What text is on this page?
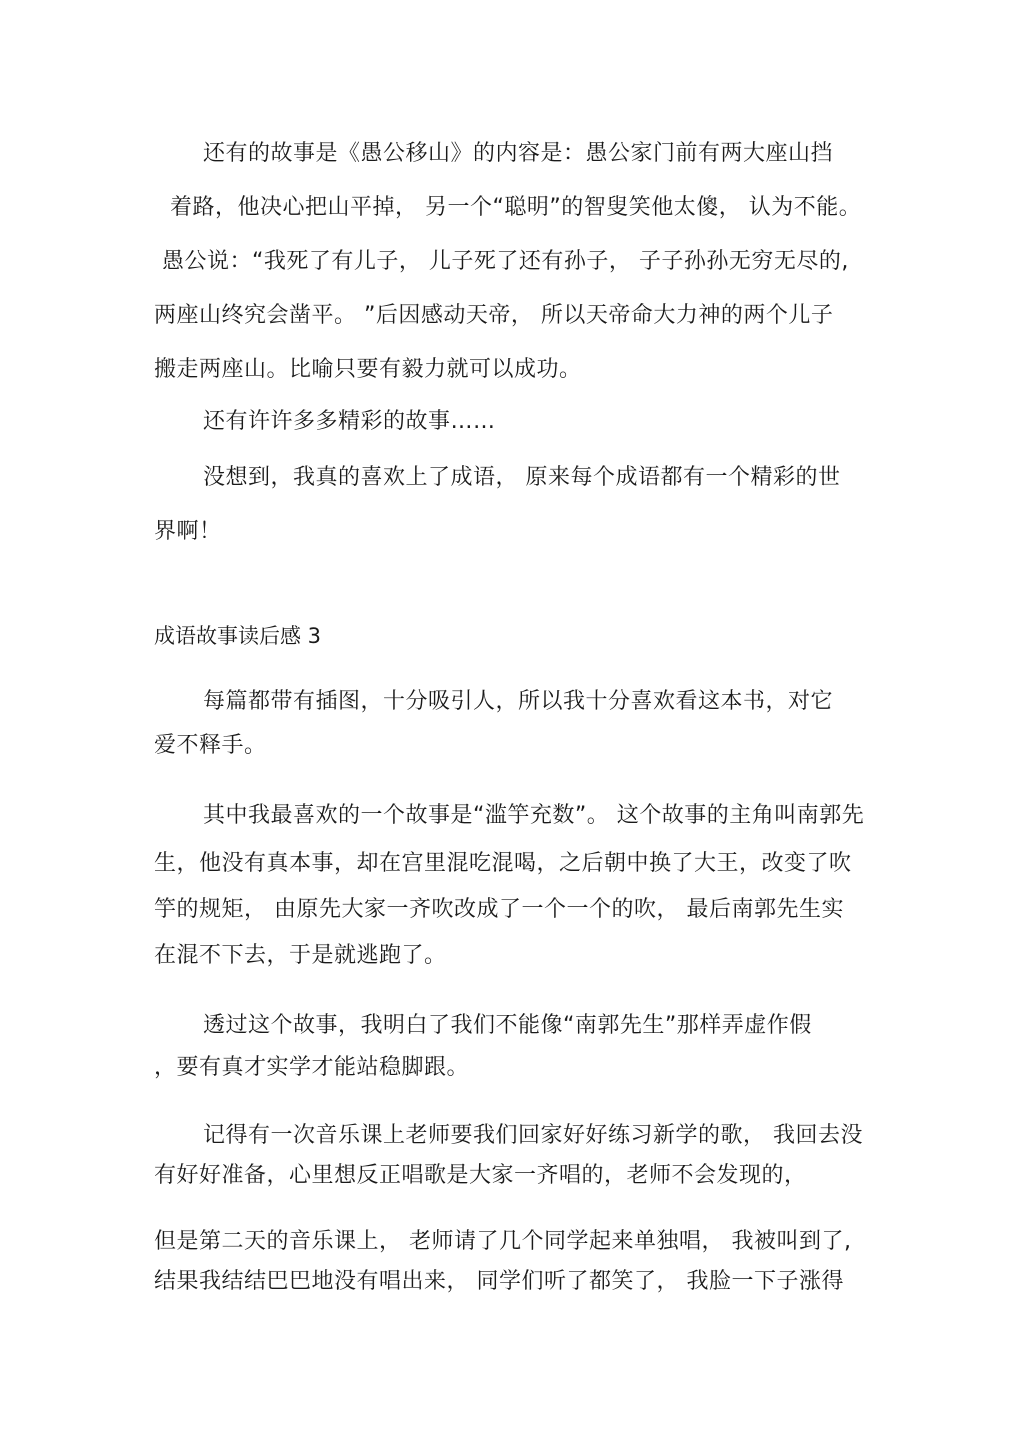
还有的故事是《愚公移山》的内容是：愚公家门前有两大座山挡
着路，他决心把山平掉， 另一个“聪明”的智叟笑他太傻， 认为不能。
愚公说：“我死了有儿子， 儿子死了还有孙子， 子子孙孙无穷无尽的,
两座山终究会凿平。 ”后因感动天帝， 所以天帝命大力神的两个儿子
搬走两座山。比喻只要有毅力就可以成功。
还有许许多多精彩的故事……
没想到，我真的喜欢上了成语， 原来每个成语都有一个精彩的世
界啊！
成语故事读后感 3
每篇都带有插图，十分吸引人，所以我十分喜欢看这本书，对它
爱不释手。
其中我最喜欢的一个故事是“滥竽充数”。 这个故事的主角叫南郭先
生，他没有真本事，却在宫里混吃混喝，之后朝中换了大王，改变了吹
竽的规矩， 由原先大家一齐吹改成了一个一个的吹， 最后南郭先生实
在混不下去，于是就逃跑了。
透过这个故事，我明白了我们不能像“南郭先生”那样弄虚作假
，要有真才实学才能站稳脚跟。
记得有一次音乐课上老师要我们回家好好练习新学的歌， 我回去没
有好好准备，心里想反正唱歌是大家一齐唱的，老师不会发现的，
但是第二天的音乐课上， 老师请了几个同学起来单独唱， 我被叫到了,
结果我结结巴巴地没有唱出来， 同学们听了都笑了， 我脸一下子涨得
